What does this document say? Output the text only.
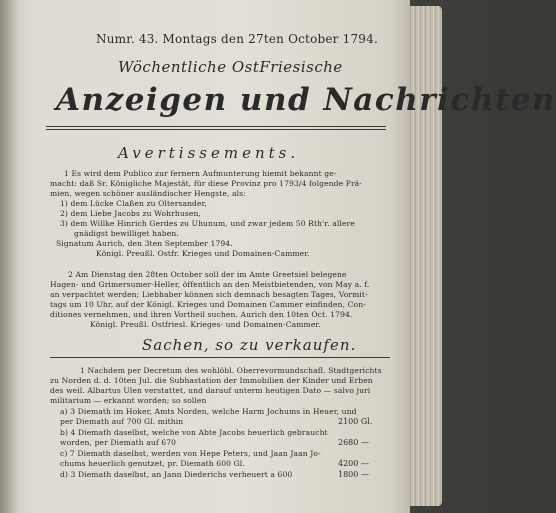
Numr. 43. Montags den 27ten October 1794.
Wöchentliche OstFriesische
Anzeigen und Nachrichten
Avertissements.
1 Es wird dem Publico zur fernern Aufmunterung hiemit bekannt ge-
macht: daß Sr. Königliche Majestät, für diese Provinz pro 1793/4 folgende Prä-
mien, wegen schöner ausländischer Hengste, als:
1) dem Lücke Claßen zu Oltersander,
2) dem Liebe Jacobs zu Wohrhusen,
3) dem Willke Hinrich Gerdes zu Uhunum, und zwar jedem 50 Rth'r. allere
gnädigst bewilliget haben.
Signatum Aurich, den 3ten September 1794.
Königl. Preußl. Ostfr. Krieges und Domainen-Cammer.
2 Am Dienstag den 28ten October soll der im Amte Greetsiel belegene
Hagen- und Grimersumer-Heller, öffentlich an den Meistbietenden, von May a. f.
an verpachtet werden; Liebhaber können sich demnach besagten Tages, Vormit-
tags um 10 Uhr, auf der Königl. Krieges und Domainen Cammer einfinden, Con-
ditiones vernehmen, und ihren Vortheil suchen. Aurich den 10ten Oct. 1794.
Königl. Preußl. Ostfriesl. Krieges- und Domainen-Cammer.
Sachen, so zu verkaufen.
1 Nachdem per Decretum des wohlöbl. Oberrevormundschafl. Stadtgerichts
zu Norden d. d. 10ten Jul. die Subhastation der Immobilien der Kinder und Erben
des weil. Albartus Ulen verstattet, und darauf unterm heutigen Dato — salvo juri
militarium — erkannt worden; so sollen
a) 3 Diemath im Hoker, Amts Norden, welche Harm Jochums in Heuer, und
per Diemath auf 700 Gl. mithin	2100 Gl.
b) 4 Diemath daselbst, welche von Abte Jacobs heuerlich gebraucht
worden, per Diemath auf 670	2680 —
c) 7 Diemath daselbst, werden von Hepe Peters, und Jaan Jaan Jo-
chums heuerlich genutzet, pr. Diemath 600 Gl.	4200 —
d) 3 Diemath daselbst, an Jann Diederichs verheuert a 600	1800 —
